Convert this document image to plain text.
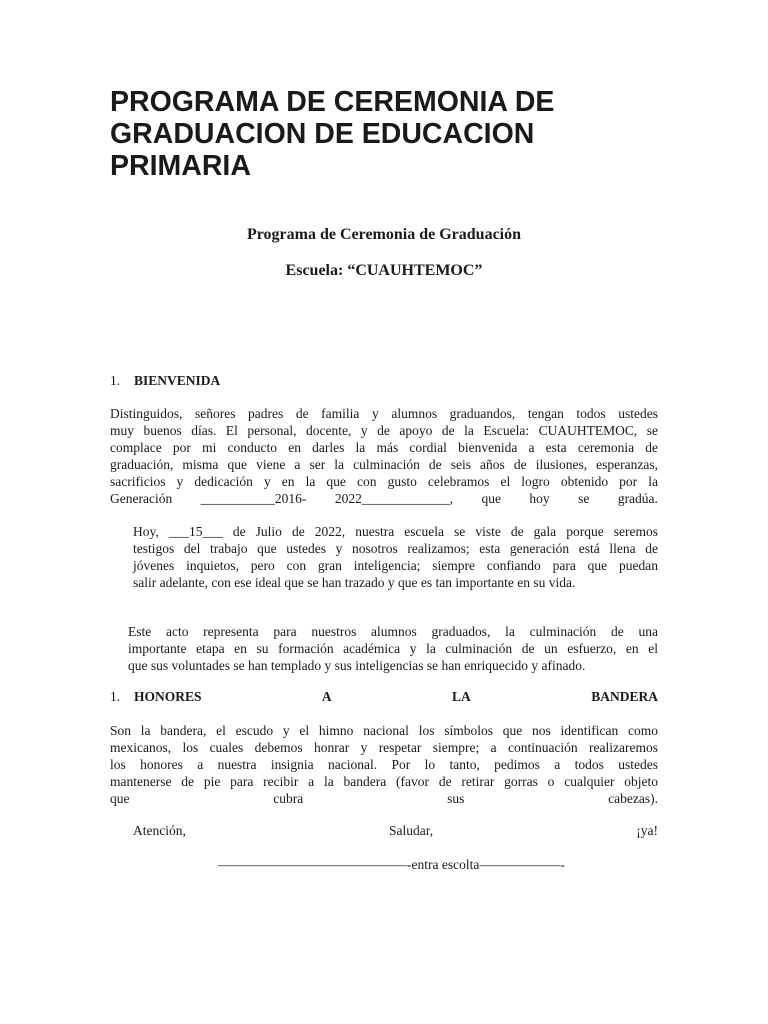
PROGRAMA DE CEREMONIA DE
GRADUACION DE EDUCACION
PRIMARIA

Programa de Ceremonia de Graduación

Escuela: “CUAUHTEMOC”

1.	BIENVENIDA
Distinguidos, señores padres de familia y alumnos graduandos, tengan todos ustedes
muy buenos días. El personal, docente, y de apoyo de la Escuela: CUAUHTEMOC, se
complace por mi conducto en darles la más cordial bienvenida a esta ceremonia de
graduación, misma que viene a ser la culminación de seis años de ilusiones, esperanzas,
sacrificios y dedicación y en la que con gusto celebramos el logro obtenido por la
Generación ___________2016- 2022_____________, que hoy se gradúa.
Hoy, ___15___ de Julio de 2022, nuestra escuela se viste de gala porque seremos
testigos del trabajo que ustedes y nosotros realizamos; esta generación está llena de
jóvenes inquietos, pero con gran inteligencia; siempre confiando para que puedan
salir adelante, con ese ideal que se han trazado y que es tan importante en su vida.
Este acto representa para nuestros alumnos graduados, la culminación de una
importante etapa en su formación académica y la culminación de un esfuerzo, en el
que sus voluntades se han templado y sus inteligencias se han enriquecido y afinado.
1.	HONORES	A	LA	BANDERA
Son la bandera, el escudo y el himno nacional los símbolos que nos identifican como
mexicanos, los cuales debemos honrar y respetar siempre; a continuación realizaremos
los honores a nuestra insignia nacional. Por lo tanto, pedimos a todos ustedes
mantenerse de pie para recibir a la bandera (favor de retirar gorras o cualquier objeto
que	cubra	sus	cabezas).
Atención,	Saludar,	¡ya!
——————————————-entra escolta——————-
